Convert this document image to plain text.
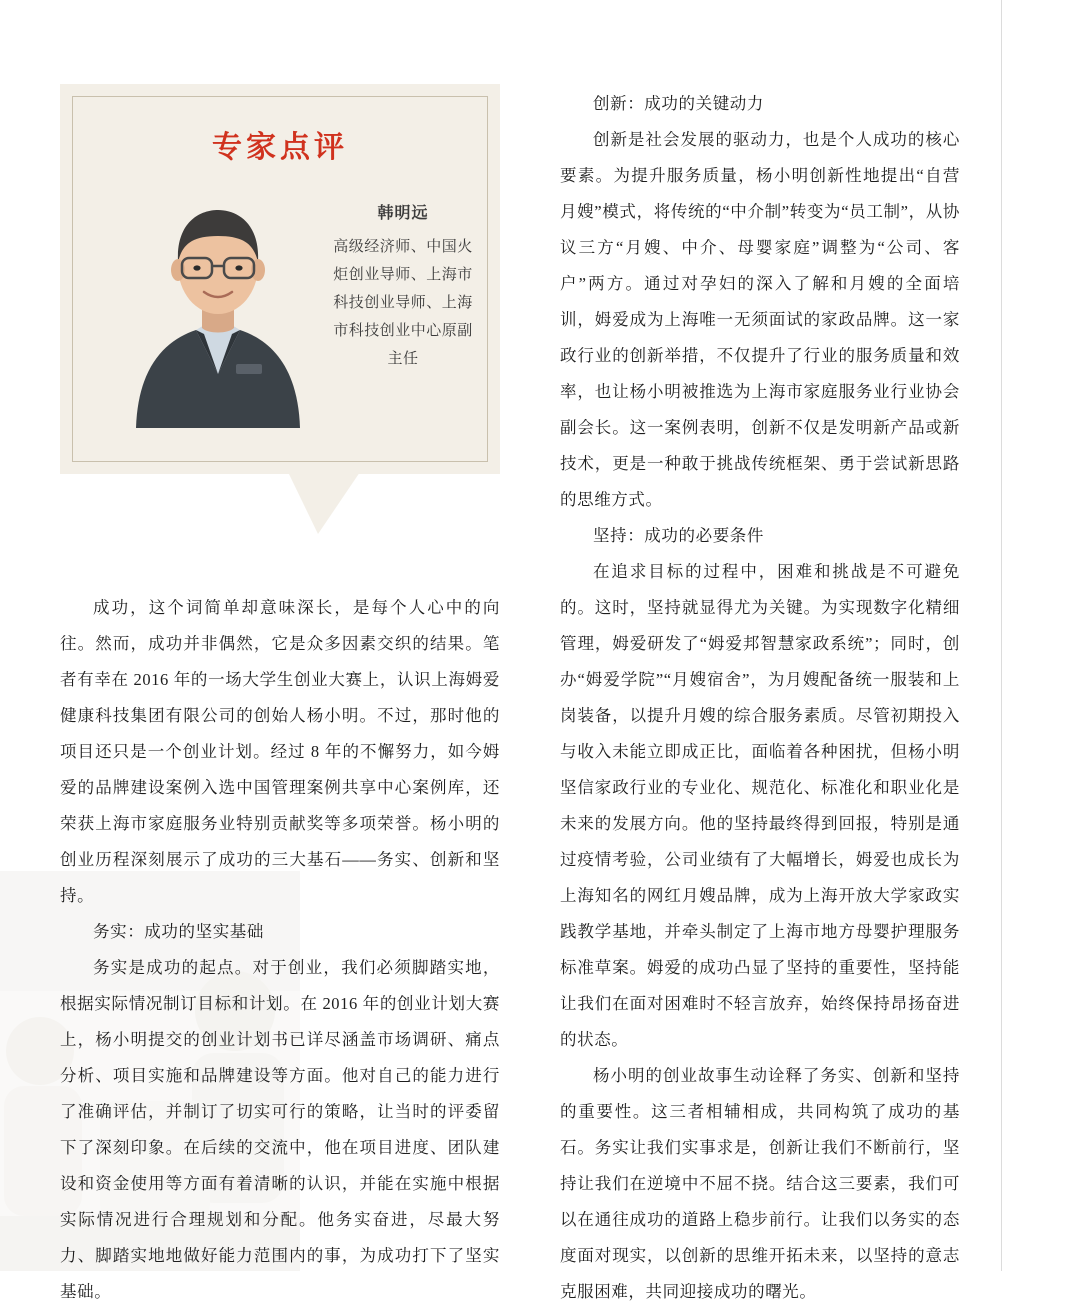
专家点评
韩明远
高级经济师、中国火炬创业导师、上海市科技创业导师、上海市科技创业中心原副主任

成功，这个词简单却意味深长，是每个人心中的向往。然而，成功并非偶然，它是众多因素交织的结果。笔者有幸在 2016 年的一场大学生创业大赛上，认识上海姆爱健康科技集团有限公司的创始人杨小明。不过，那时他的项目还只是一个创业计划。经过 8 年的不懈努力，如今姆爱的品牌建设案例入选中国管理案例共享中心案例库，还荣获上海市家庭服务业特别贡献奖等多项荣誉。杨小明的创业历程深刻展示了成功的三大基石——务实、创新和坚持。

务实：成功的坚实基础

务实是成功的起点。对于创业，我们必须脚踏实地，根据实际情况制订目标和计划。在 2016 年的创业计划大赛上，杨小明提交的创业计划书已详尽涵盖市场调研、痛点分析、项目实施和品牌建设等方面。他对自己的能力进行了准确评估，并制订了切实可行的策略，让当时的评委留下了深刻印象。在后续的交流中，他在项目进度、团队建设和资金使用等方面有着清晰的认识，并能在实施中根据实际情况进行合理规划和分配。他务实奋进，尽最大努力、脚踏实地地做好能力范围内的事，为成功打下了坚实基础。

创新：成功的关键动力

创新是社会发展的驱动力，也是个人成功的核心要素。为提升服务质量，杨小明创新性地提出“自营月嫂”模式，将传统的“中介制”转变为“员工制”，从协议三方“月嫂、中介、母婴家庭”调整为“公司、客户”两方。通过对孕妇的深入了解和月嫂的全面培训，姆爱成为上海唯一无须面试的家政品牌。这一家政行业的创新举措，不仅提升了行业的服务质量和效率，也让杨小明被推选为上海市家庭服务业行业协会副会长。这一案例表明，创新不仅是发明新产品或新技术，更是一种敢于挑战传统框架、勇于尝试新思路的思维方式。

坚持：成功的必要条件

在追求目标的过程中，困难和挑战是不可避免的。这时，坚持就显得尤为关键。为实现数字化精细管理，姆爱研发了“姆爱邦智慧家政系统”；同时，创办“姆爱学院”“月嫂宿舍”，为月嫂配备统一服装和上岗装备，以提升月嫂的综合服务素质。尽管初期投入与收入未能立即成正比，面临着各种困扰，但杨小明坚信家政行业的专业化、规范化、标准化和职业化是未来的发展方向。他的坚持最终得到回报，特别是通过疫情考验，公司业绩有了大幅增长，姆爱也成长为上海知名的网红月嫂品牌，成为上海开放大学家政实践教学基地，并牵头制定了上海市地方母婴护理服务标准草案。姆爱的成功凸显了坚持的重要性，坚持能让我们在面对困难时不轻言放弃，始终保持昂扬奋进的状态。

杨小明的创业故事生动诠释了务实、创新和坚持的重要性。这三者相辅相成，共同构筑了成功的基石。务实让我们实事求是，创新让我们不断前行，坚持让我们在逆境中不屈不挠。结合这三要素，我们可以在通往成功的道路上稳步前行。让我们以务实的态度面对现实，以创新的思维开拓未来，以坚持的意志克服困难，共同迎接成功的曙光。
